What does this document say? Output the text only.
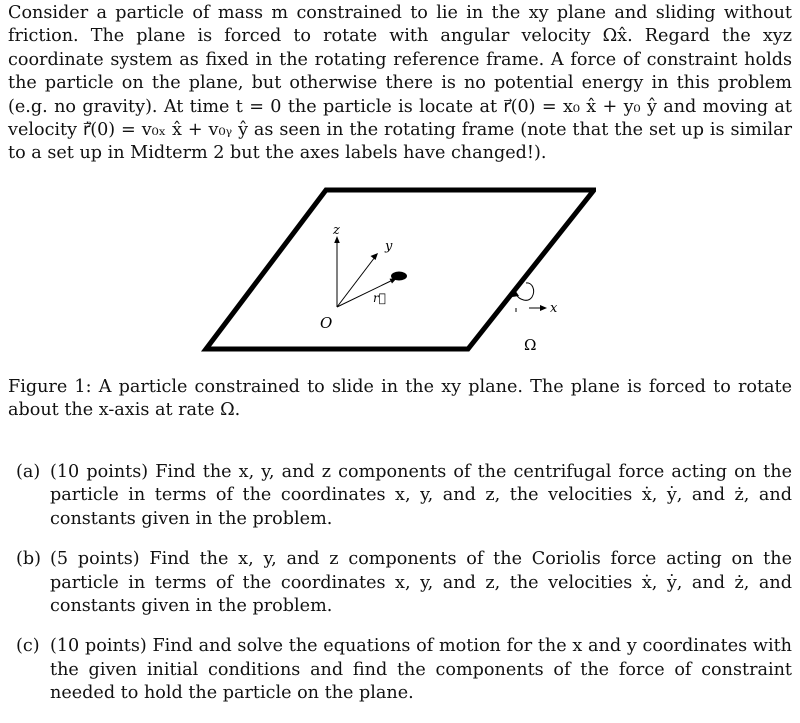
Consider a particle of mass m constrained to lie in the xy plane and sliding without friction. The plane is forced to rotate with angular velocity Ωx̂. Regard the xyz coordinate system as fixed in the rotating reference frame. A force of constraint holds the particle on the plane, but otherwise there is no potential energy in this problem (e.g. no gravity). At time t = 0 the particle is locate at r⃗(0) = x₀ x̂ + y₀ ŷ and moving at velocity r⃗̇(0) = v₀ₓ x̂ + v₀ᵧ ŷ as seen in the rotating frame (note that the set up is similar to a set up in Midterm 2 but the axes labels have changed!).
z
y
r⃗
O
x
Ω
Figure 1: A particle constrained to slide in the xy plane. The plane is forced to rotate about the x-axis at rate Ω.
(a) (10 points) Find the x, y, and z components of the centrifugal force acting on the particle in terms of the coordinates x, y, and z, the velocities ẋ, ẏ, and ż, and constants given in the problem.
(b) (5 points) Find the x, y, and z components of the Coriolis force acting on the particle in terms of the coordinates x, y, and z, the velocities ẋ, ẏ, and ż, and constants given in the problem.
(c) (10 points) Find and solve the equations of motion for the x and y coordinates with the given initial conditions and find the components of the force of constraint needed to hold the particle on the plane.
